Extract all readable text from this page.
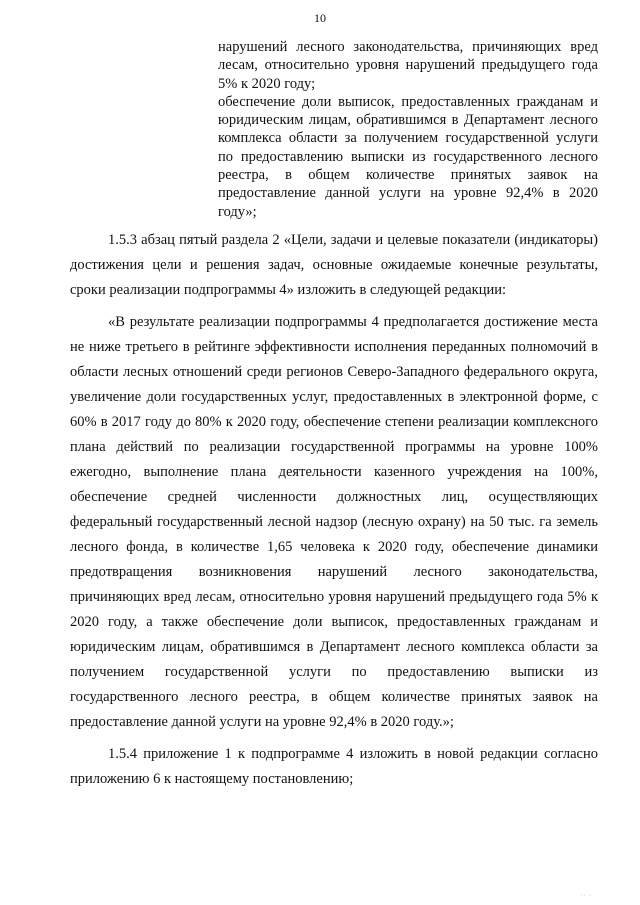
10

нарушений лесного законодательства, причиняющих вред лесам, относительно уровня нарушений предыдущего года 5% к 2020 году;

обеспечение доли выписок, предоставленных гражданам и юридическим лицам, обратившимся в Департамент лесного комплекса области за получением государственной услуги по предоставлению выписки из государственного лесного реестра, в общем количестве принятых заявок на предоставление данной услуги на уровне 92,4% в 2020 году»;

1.5.3 абзац пятый раздела 2 «Цели, задачи и целевые показатели (индикаторы) достижения цели и решения задач, основные ожидаемые конечные результаты, сроки реализации подпрограммы 4» изложить в следующей редакции:

«В результате реализации подпрограммы 4 предполагается достижение места не ниже третьего в рейтинге эффективности исполнения переданных полномочий в области лесных отношений среди регионов Северо-Западного федерального округа, увеличение доли государственных услуг, предоставленных в электронной форме, с 60% в 2017 году до 80% к 2020 году, обеспечение степени реализации комплексного плана действий по реализации государственной программы на уровне 100% ежегодно, выполнение плана деятельности казенного учреждения на 100%, обеспечение средней численности должностных лиц, осуществляющих федеральный государственный лесной надзор (лесную охрану) на 50 тыс. га земель лесного фонда, в количестве 1,65 человека к 2020 году, обеспечение динамики предотвращения возникновения нарушений лесного законодательства, причиняющих вред лесам, относительно уровня нарушений предыдущего года 5% к 2020 году, а также обеспечение доли выписок, предоставленных гражданам и юридическим лицам, обратившимся в Департамент лесного комплекса области за получением государственной услуги по предоставлению выписки из государственного лесного реестра, в общем количестве принятых заявок на предоставление данной услуги на уровне 92,4% в 2020 году.»;

1.5.4 приложение 1 к подпрограмме 4 изложить в новой редакции согласно приложению 6 к настоящему постановлению;

·· ·
